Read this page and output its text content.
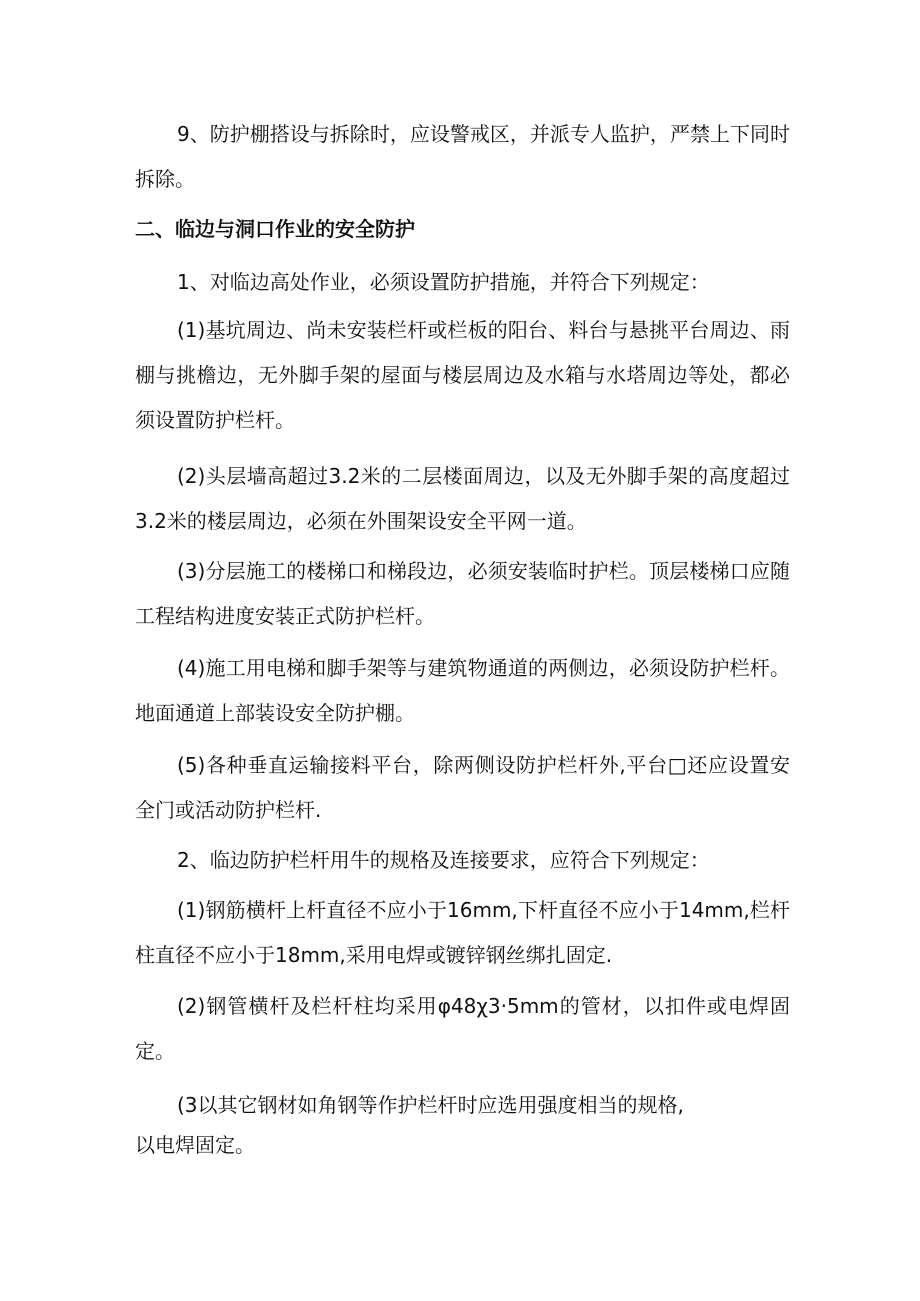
9、防护棚搭设与拆除时，应设警戒区，并派专人监护，严禁上下同时拆除。

二、临边与洞口作业的安全防护

1、对临边高处作业，必须设置防护措施，并符合下列规定：

(1)基坑周边、尚未安装栏杆或栏板的阳台、料台与悬挑平台周边、雨棚与挑檐边，无外脚手架的屋面与楼层周边及水箱与水塔周边等处，都必须设置防护栏杆。

(2)头层墙高超过3.2米的二层楼面周边，以及无外脚手架的高度超过3.2米的楼层周边，必须在外围架设安全平网一道。

(3)分层施工的楼梯口和梯段边，必须安装临时护栏。顶层楼梯口应随工程结构进度安装正式防护栏杆。

(4)施工用电梯和脚手架等与建筑物通道的两侧边，必须设防护栏杆。地面通道上部装设安全防护棚。

(5)各种垂直运输接料平台，除两侧设防护栏杆外,平台□还应设置安全门或活动防护栏杆.

2、临边防护栏杆用牛的规格及连接要求，应符合下列规定：

(1)钢筋横杆上杆直径不应小于16mm,下杆直径不应小于14mm,栏杆柱直径不应小于18mm,采用电焊或镀锌钢丝绑扎固定.

(2)钢管横杆及栏杆柱均采用φ48χ3·5mm的管材，以扣件或电焊固定。

(3以其它钢材如角钢等作护栏杆时应选用强度相当的规格,
以电焊固定。
